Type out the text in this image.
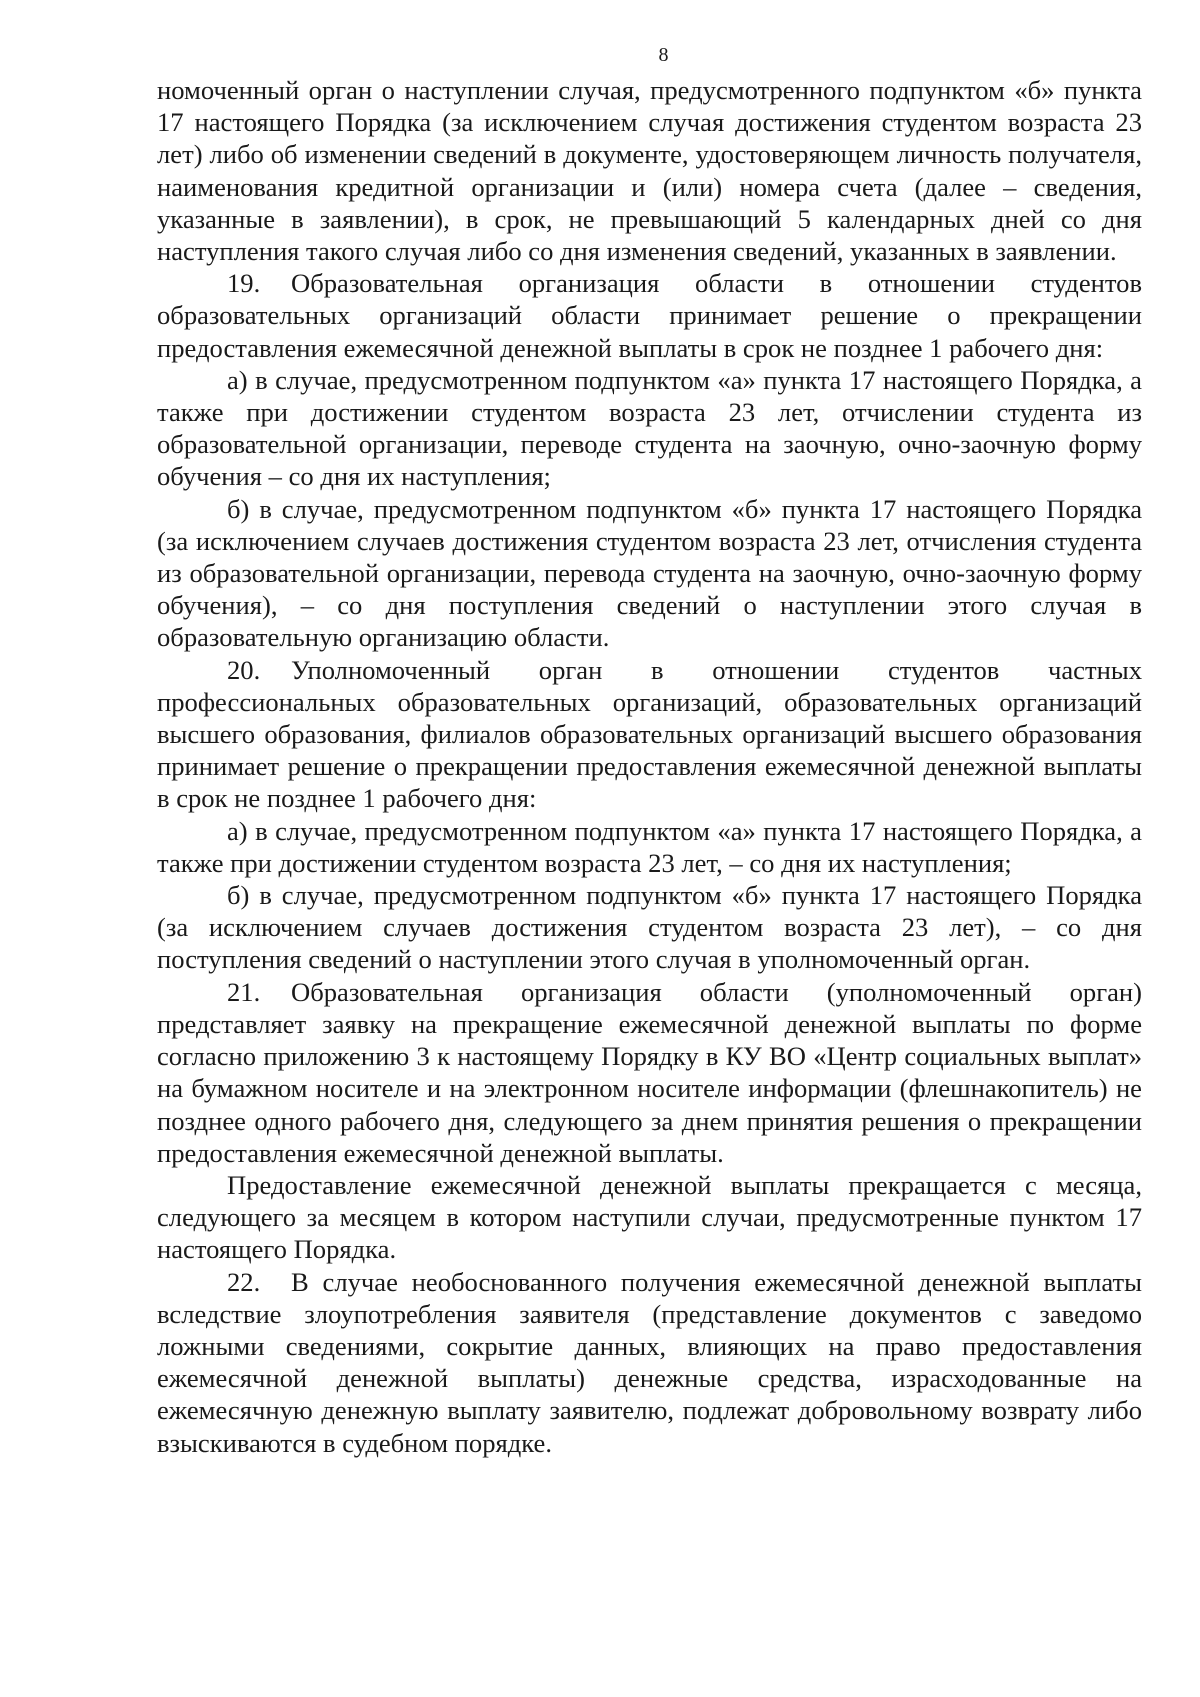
8

номоченный орган о наступлении случая, предусмотренного подпунктом «б» пункта 17 настоящего Порядка (за исключением случая достижения студентом возраста 23 лет) либо об изменении сведений в документе, удостоверяющем личность получателя, наименования кредитной организации и (или) номера счета (далее – сведения, указанные в заявлении), в срок, не превышающий 5 календарных дней со дня наступления такого случая либо со дня изменения сведений, указанных в заявлении.

19. Образовательная организация области в отношении студентов образовательных организаций области принимает решение о прекращении предоставления ежемесячной денежной выплаты в срок не позднее 1 рабочего дня:

а) в случае, предусмотренном подпунктом «а» пункта 17 настоящего Порядка, а также при достижении студентом возраста 23 лет, отчислении студента из образовательной организации, переводе студента на заочную, очно-заочную форму обучения – со дня их наступления;

б) в случае, предусмотренном подпунктом «б» пункта 17 настоящего Порядка (за исключением случаев достижения студентом возраста 23 лет, отчисления студента из образовательной организации, перевода студента на заочную, очно-заочную форму обучения), – со дня поступления сведений о наступлении этого случая в образовательную организацию области.

20. Уполномоченный орган в отношении студентов частных профессиональных образовательных организаций, образовательных организаций высшего образования, филиалов образовательных организаций высшего образования принимает решение о прекращении предоставления ежемесячной денежной выплаты в срок не позднее 1 рабочего дня:

а) в случае, предусмотренном подпунктом «а» пункта 17 настоящего Порядка, а также при достижении студентом возраста 23 лет, – со дня их наступления;

б) в случае, предусмотренном подпунктом «б» пункта 17 настоящего Порядка (за исключением случаев достижения студентом возраста 23 лет), – со дня поступления сведений о наступлении этого случая в уполномоченный орган.

21. Образовательная организация области (уполномоченный орган) представляет заявку на прекращение ежемесячной денежной выплаты по форме согласно приложению 3 к настоящему Порядку в КУ ВО «Центр социальных выплат» на бумажном носителе и на электронном носителе информации (флешнакопитель) не позднее одного рабочего дня, следующего за днем принятия решения о прекращении предоставления ежемесячной денежной выплаты.

Предоставление ежемесячной денежной выплаты прекращается с месяца, следующего за месяцем в котором наступили случаи, предусмотренные пунктом 17 настоящего Порядка.

22. В случае необоснованного получения ежемесячной денежной выплаты вследствие злоупотребления заявителя (представление документов с заведомо ложными сведениями, сокрытие данных, влияющих на право предоставления ежемесячной денежной выплаты) денежные средства, израсходованные на ежемесячную денежную выплату заявителю, подлежат добровольному возврату либо взыскиваются в судебном порядке.
